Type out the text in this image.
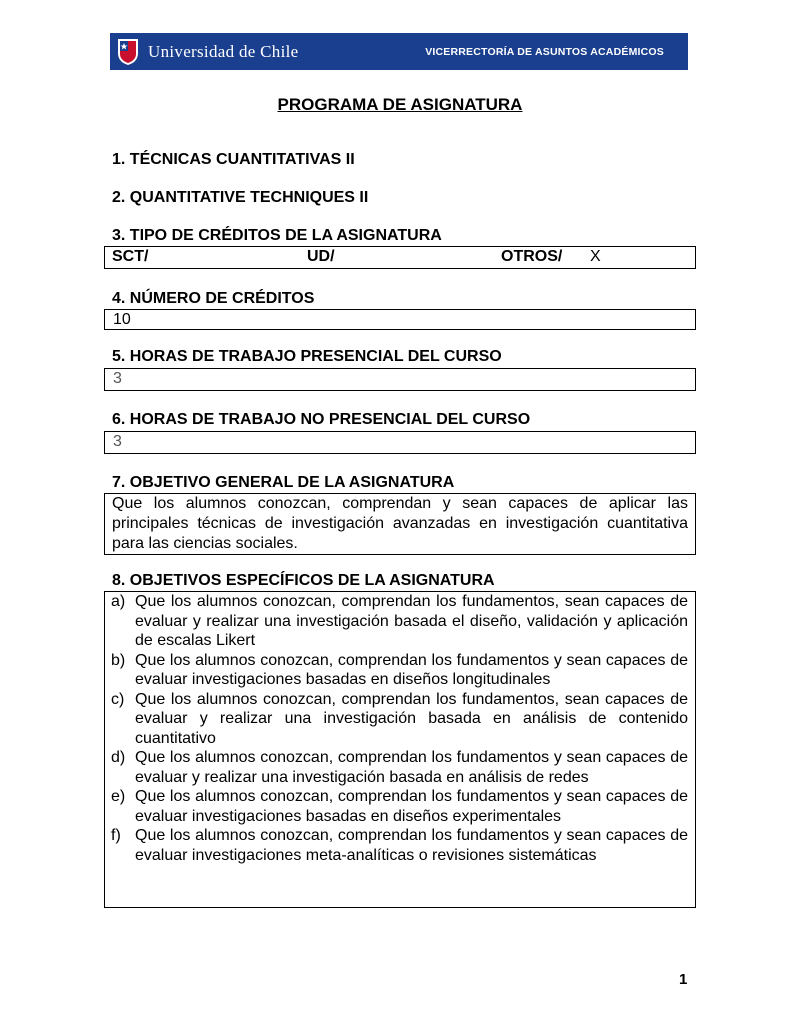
Universidad de Chile	VICERRECTORÍA DE ASUNTOS ACADÉMICOS
PROGRAMA DE ASIGNATURA
1. TÉCNICAS CUANTITATIVAS II
2. QUANTITATIVE TECHNIQUES II
3. TIPO DE CRÉDITOS DE LA ASIGNATURA
SCT/	UD/	OTROS/ X
4. NÚMERO DE CRÉDITOS
10
5. HORAS DE TRABAJO PRESENCIAL DEL CURSO
3
6. HORAS DE TRABAJO NO PRESENCIAL DEL CURSO
3
7. OBJETIVO GENERAL DE LA ASIGNATURA
Que los alumnos conozcan, comprendan y sean capaces de aplicar las principales técnicas de investigación avanzadas en investigación cuantitativa para las ciencias sociales.
8. OBJETIVOS ESPECÍFICOS DE LA ASIGNATURA
a) Que los alumnos conozcan, comprendan los fundamentos, sean capaces de evaluar y realizar una investigación basada el diseño, validación y aplicación de escalas Likert
b) Que los alumnos conozcan, comprendan los fundamentos y sean capaces de evaluar investigaciones basadas en diseños longitudinales
c) Que los alumnos conozcan, comprendan los fundamentos, sean capaces de evaluar y realizar una investigación basada en análisis de contenido cuantitativo
d) Que los alumnos conozcan, comprendan los fundamentos y sean capaces de evaluar y realizar una investigación basada en análisis de redes
e) Que los alumnos conozcan, comprendan los fundamentos y sean capaces de evaluar investigaciones basadas en diseños experimentales
f) Que los alumnos conozcan, comprendan los fundamentos y sean capaces de evaluar investigaciones meta-analíticas o revisiones sistemáticas
1
